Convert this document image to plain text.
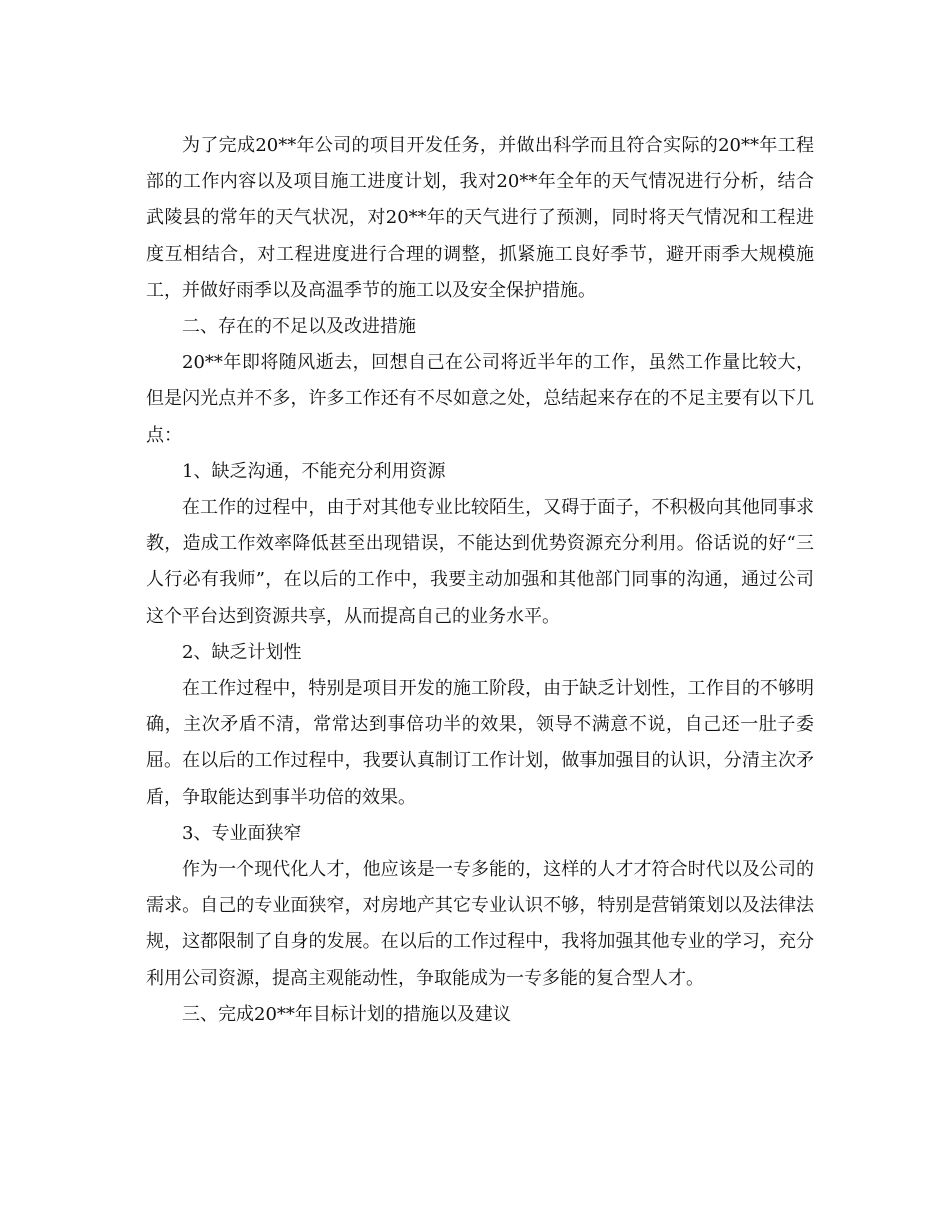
为了完成20**年公司的项目开发任务，并做出科学而且符合实际的20**年工程部的工作内容以及项目施工进度计划，我对20**年全年的天气情况进行分析，结合武陵县的常年的天气状况，对20**年的天气进行了预测，同时将天气情况和工程进度互相结合，对工程进度进行合理的调整，抓紧施工良好季节，避开雨季大规模施工，并做好雨季以及高温季节的施工以及安全保护措施。

二、存在的不足以及改进措施

20**年即将随风逝去，回想自己在公司将近半年的工作，虽然工作量比较大，但是闪光点并不多，许多工作还有不尽如意之处，总结起来存在的不足主要有以下几点：

1、缺乏沟通，不能充分利用资源

在工作的过程中，由于对其他专业比较陌生，又碍于面子，不积极向其他同事求教，造成工作效率降低甚至出现错误，不能达到优势资源充分利用。俗话说的好“三人行必有我师”，在以后的工作中，我要主动加强和其他部门同事的沟通，通过公司这个平台达到资源共享，从而提高自己的业务水平。

2、缺乏计划性

在工作过程中，特别是项目开发的施工阶段，由于缺乏计划性，工作目的不够明确，主次矛盾不清，常常达到事倍功半的效果，领导不满意不说，自己还一肚子委屈。在以后的工作过程中，我要认真制订工作计划，做事加强目的认识，分清主次矛盾，争取能达到事半功倍的效果。

3、专业面狭窄

作为一个现代化人才，他应该是一专多能的，这样的人才才符合时代以及公司的需求。自己的专业面狭窄，对房地产其它专业认识不够，特别是营销策划以及法律法规，这都限制了自身的发展。在以后的工作过程中，我将加强其他专业的学习，充分利用公司资源，提高主观能动性，争取能成为一专多能的复合型人才。

三、完成20**年目标计划的措施以及建议
